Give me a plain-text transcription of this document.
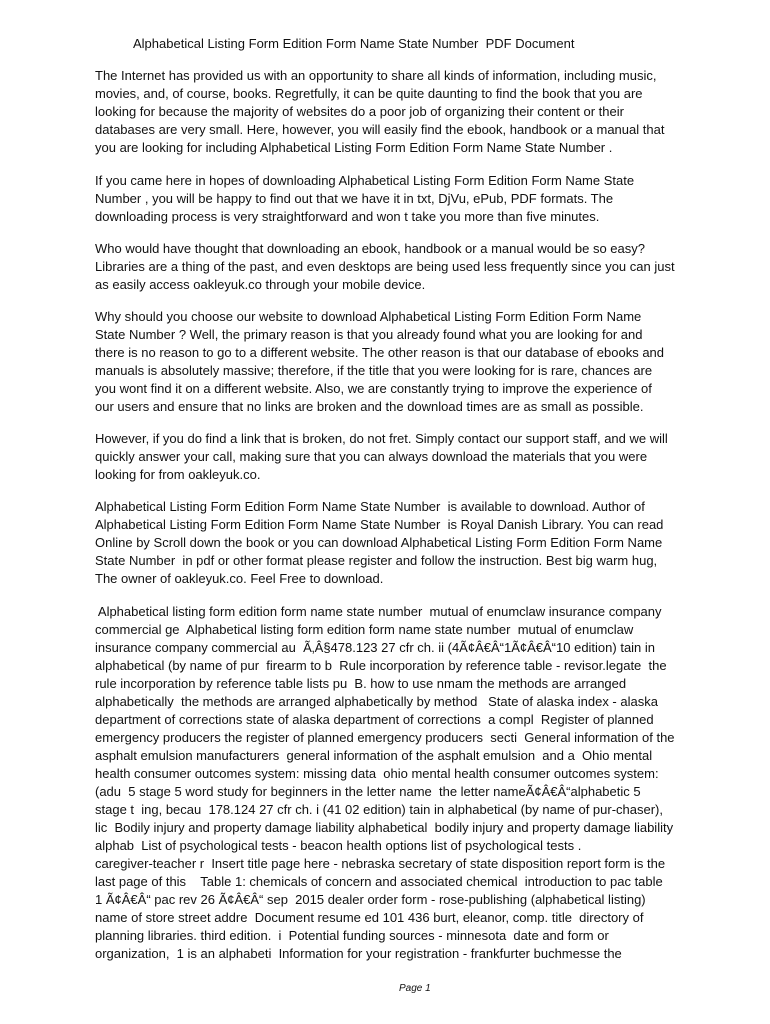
Alphabetical Listing Form Edition Form Name State Number  PDF Document

The Internet has provided us with an opportunity to share all kinds of information, including music,
movies, and, of course, books. Regretfully, it can be quite daunting to find the book that you are
looking for because the majority of websites do a poor job of organizing their content or their
databases are very small. Here, however, you will easily find the ebook, handbook or a manual that
you are looking for including Alphabetical Listing Form Edition Form Name State Number .

If you came here in hopes of downloading Alphabetical Listing Form Edition Form Name State
Number , you will be happy to find out that we have it in txt, DjVu, ePub, PDF formats. The
downloading process is very straightforward and won t take you more than five minutes.

Who would have thought that downloading an ebook, handbook or a manual would be so easy?
Libraries are a thing of the past, and even desktops are being used less frequently since you can just
as easily access oakleyuk.co through your mobile device.

Why should you choose our website to download Alphabetical Listing Form Edition Form Name
State Number ? Well, the primary reason is that you already found what you are looking for and
there is no reason to go to a different website. The other reason is that our database of ebooks and
manuals is absolutely massive; therefore, if the title that you were looking for is rare, chances are
you wont find it on a different website. Also, we are constantly trying to improve the experience of
our users and ensure that no links are broken and the download times are as small as possible.

However, if you do find a link that is broken, do not fret. Simply contact our support staff, and we will
quickly answer your call, making sure that you can always download the materials that you were
looking for from oakleyuk.co.

Alphabetical Listing Form Edition Form Name State Number  is available to download. Author of
Alphabetical Listing Form Edition Form Name State Number  is Royal Danish Library. You can read
Online by Scroll down the book or you can download Alphabetical Listing Form Edition Form Name
State Number  in pdf or other format please register and follow the instruction. Best big warm hug,
The owner of oakleyuk.co. Feel Free to download.

Alphabetical listing form edition form name state number  mutual of enumclaw insurance company
commercial ge  Alphabetical listing form edition form name state number  mutual of enumclaw
insurance company commercial au  Ã‚Â§478.123 27 cfr ch. ii (4Ã¢Â€Â“1Ã¢Â€Â“10 edition) tain in
alphabetical (by name of pur  firearm to b  Rule incorporation by reference table - revisor.legate  the
rule incorporation by reference table lists pu  B. how to use nmam the methods are arranged
alphabetically  the methods are arranged alphabetically by method   State of alaska index - alaska
department of corrections state of alaska department of corrections  a compl  Register of planned
emergency producers the register of planned emergency producers  secti  General information of the
asphalt emulsion manufacturers  general information of the asphalt emulsion  and a  Ohio mental
health consumer outcomes system: missing data  ohio mental health consumer outcomes system:
(adu  5 stage 5 word study for beginners in the letter name  the letter nameÃ¢Â€Â“alphabetic 5
stage t  ing, becau  178.124 27 cfr ch. i (41 02 edition) tain in alphabetical (by name of pur-chaser),
lic  Bodily injury and property damage liability alphabetical  bodily injury and property damage liability
alphab  List of psychological tests - beacon health options list of psychological tests .
caregiver-teacher r  Insert title page here - nebraska secretary of state disposition report form is the
last page of this    Table 1: chemicals of concern and associated chemical  introduction to pac table
1 Ã¢Â€Â“ pac rev 26 Ã¢Â€Â“ sep  2015 dealer order form - rose-publishing (alphabetical listing)
name of store street addre  Document resume ed 101 436 burt, eleanor, comp. title  directory of
planning libraries. third edition.  i  Potential funding sources - minnesota  date and form or
organization,  1 is an alphabeti  Information for your registration - frankfurter buchmesse the

Page 1
